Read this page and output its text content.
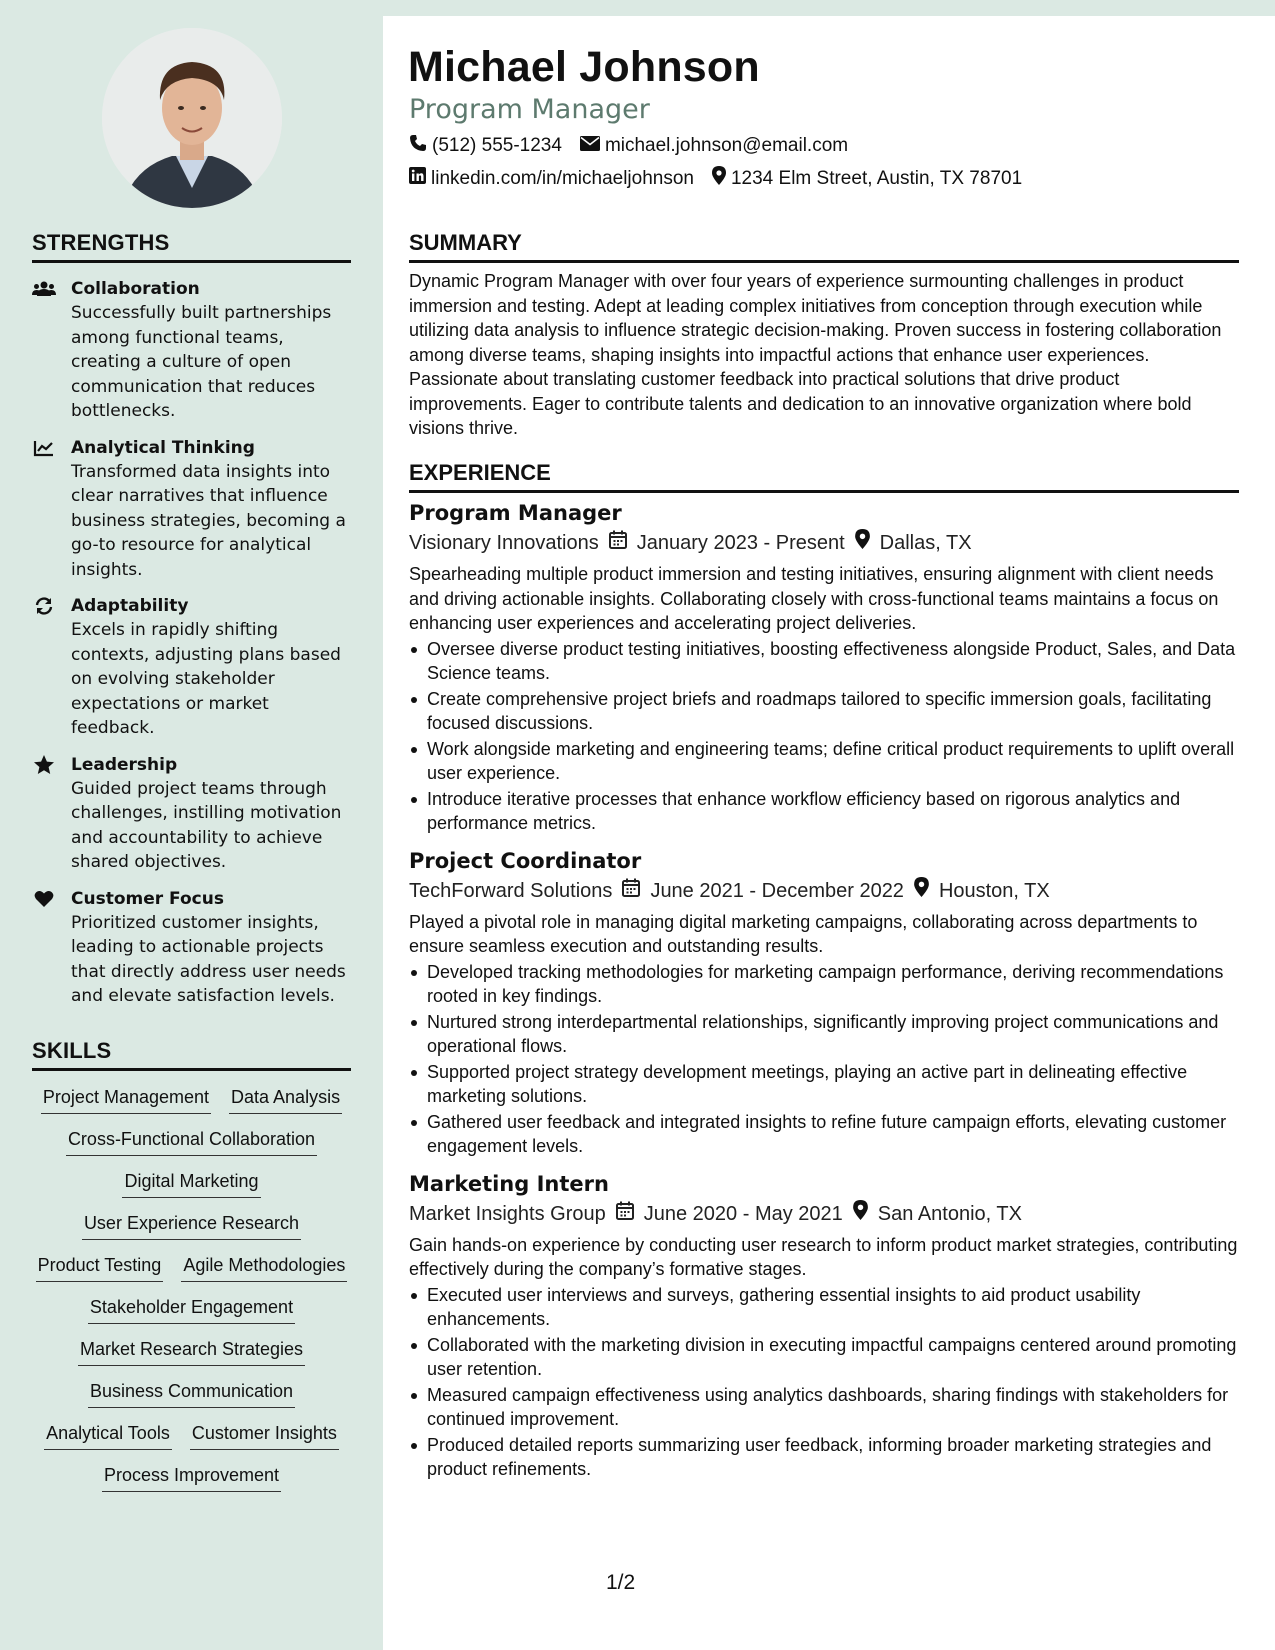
STRENGTHS
Collaboration
Successfully built partnerships among functional teams, creating a culture of open communication that reduces bottlenecks.
Analytical Thinking
Transformed data insights into clear narratives that influence business strategies, becoming a go-to resource for analytical insights.
Adaptability
Excels in rapidly shifting contexts, adjusting plans based on evolving stakeholder expectations or market feedback.
Leadership
Guided project teams through challenges, instilling motivation and accountability to achieve shared objectives.
Customer Focus
Prioritized customer insights, leading to actionable projects that directly address user needs and elevate satisfaction levels.
SKILLS
Project Management Data Analysis
Cross-Functional Collaboration
Digital Marketing
User Experience Research
Product Testing Agile Methodologies
Stakeholder Engagement
Market Research Strategies
Business Communication
Analytical Tools Customer Insights
Process Improvement
Michael Johnson
Program Manager
(512) 555-1234 michael.johnson@email.com
linkedin.com/in/michaeljohnson 1234 Elm Street, Austin, TX 78701
SUMMARY
Dynamic Program Manager with over four years of experience surmounting challenges in product immersion and testing. Adept at leading complex initiatives from conception through execution while utilizing data analysis to influence strategic decision-making. Proven success in fostering collaboration among diverse teams, shaping insights into impactful actions that enhance user experiences. Passionate about translating customer feedback into practical solutions that drive product improvements. Eager to contribute talents and dedication to an innovative organization where bold visions thrive.
EXPERIENCE
Program Manager
Visionary Innovations January 2023 - Present Dallas, TX
Spearheading multiple product immersion and testing initiatives, ensuring alignment with client needs and driving actionable insights. Collaborating closely with cross-functional teams maintains a focus on enhancing user experiences and accelerating project deliveries.
Oversee diverse product testing initiatives, boosting effectiveness alongside Product, Sales, and Data Science teams.
Create comprehensive project briefs and roadmaps tailored to specific immersion goals, facilitating focused discussions.
Work alongside marketing and engineering teams; define critical product requirements to uplift overall user experience.
Introduce iterative processes that enhance workflow efficiency based on rigorous analytics and performance metrics.
Project Coordinator
TechForward Solutions June 2021 - December 2022 Houston, TX
Played a pivotal role in managing digital marketing campaigns, collaborating across departments to ensure seamless execution and outstanding results.
Developed tracking methodologies for marketing campaign performance, deriving recommendations rooted in key findings.
Nurtured strong interdepartmental relationships, significantly improving project communications and operational flows.
Supported project strategy development meetings, playing an active part in delineating effective marketing solutions.
Gathered user feedback and integrated insights to refine future campaign efforts, elevating customer engagement levels.
Marketing Intern
Market Insights Group June 2020 - May 2021 San Antonio, TX
Gain hands-on experience by conducting user research to inform product market strategies, contributing effectively during the company’s formative stages.
Executed user interviews and surveys, gathering essential insights to aid product usability enhancements.
Collaborated with the marketing division in executing impactful campaigns centered around promoting user retention.
Measured campaign effectiveness using analytics dashboards, sharing findings with stakeholders for continued improvement.
Produced detailed reports summarizing user feedback, informing broader marketing strategies and product refinements.
1/2
